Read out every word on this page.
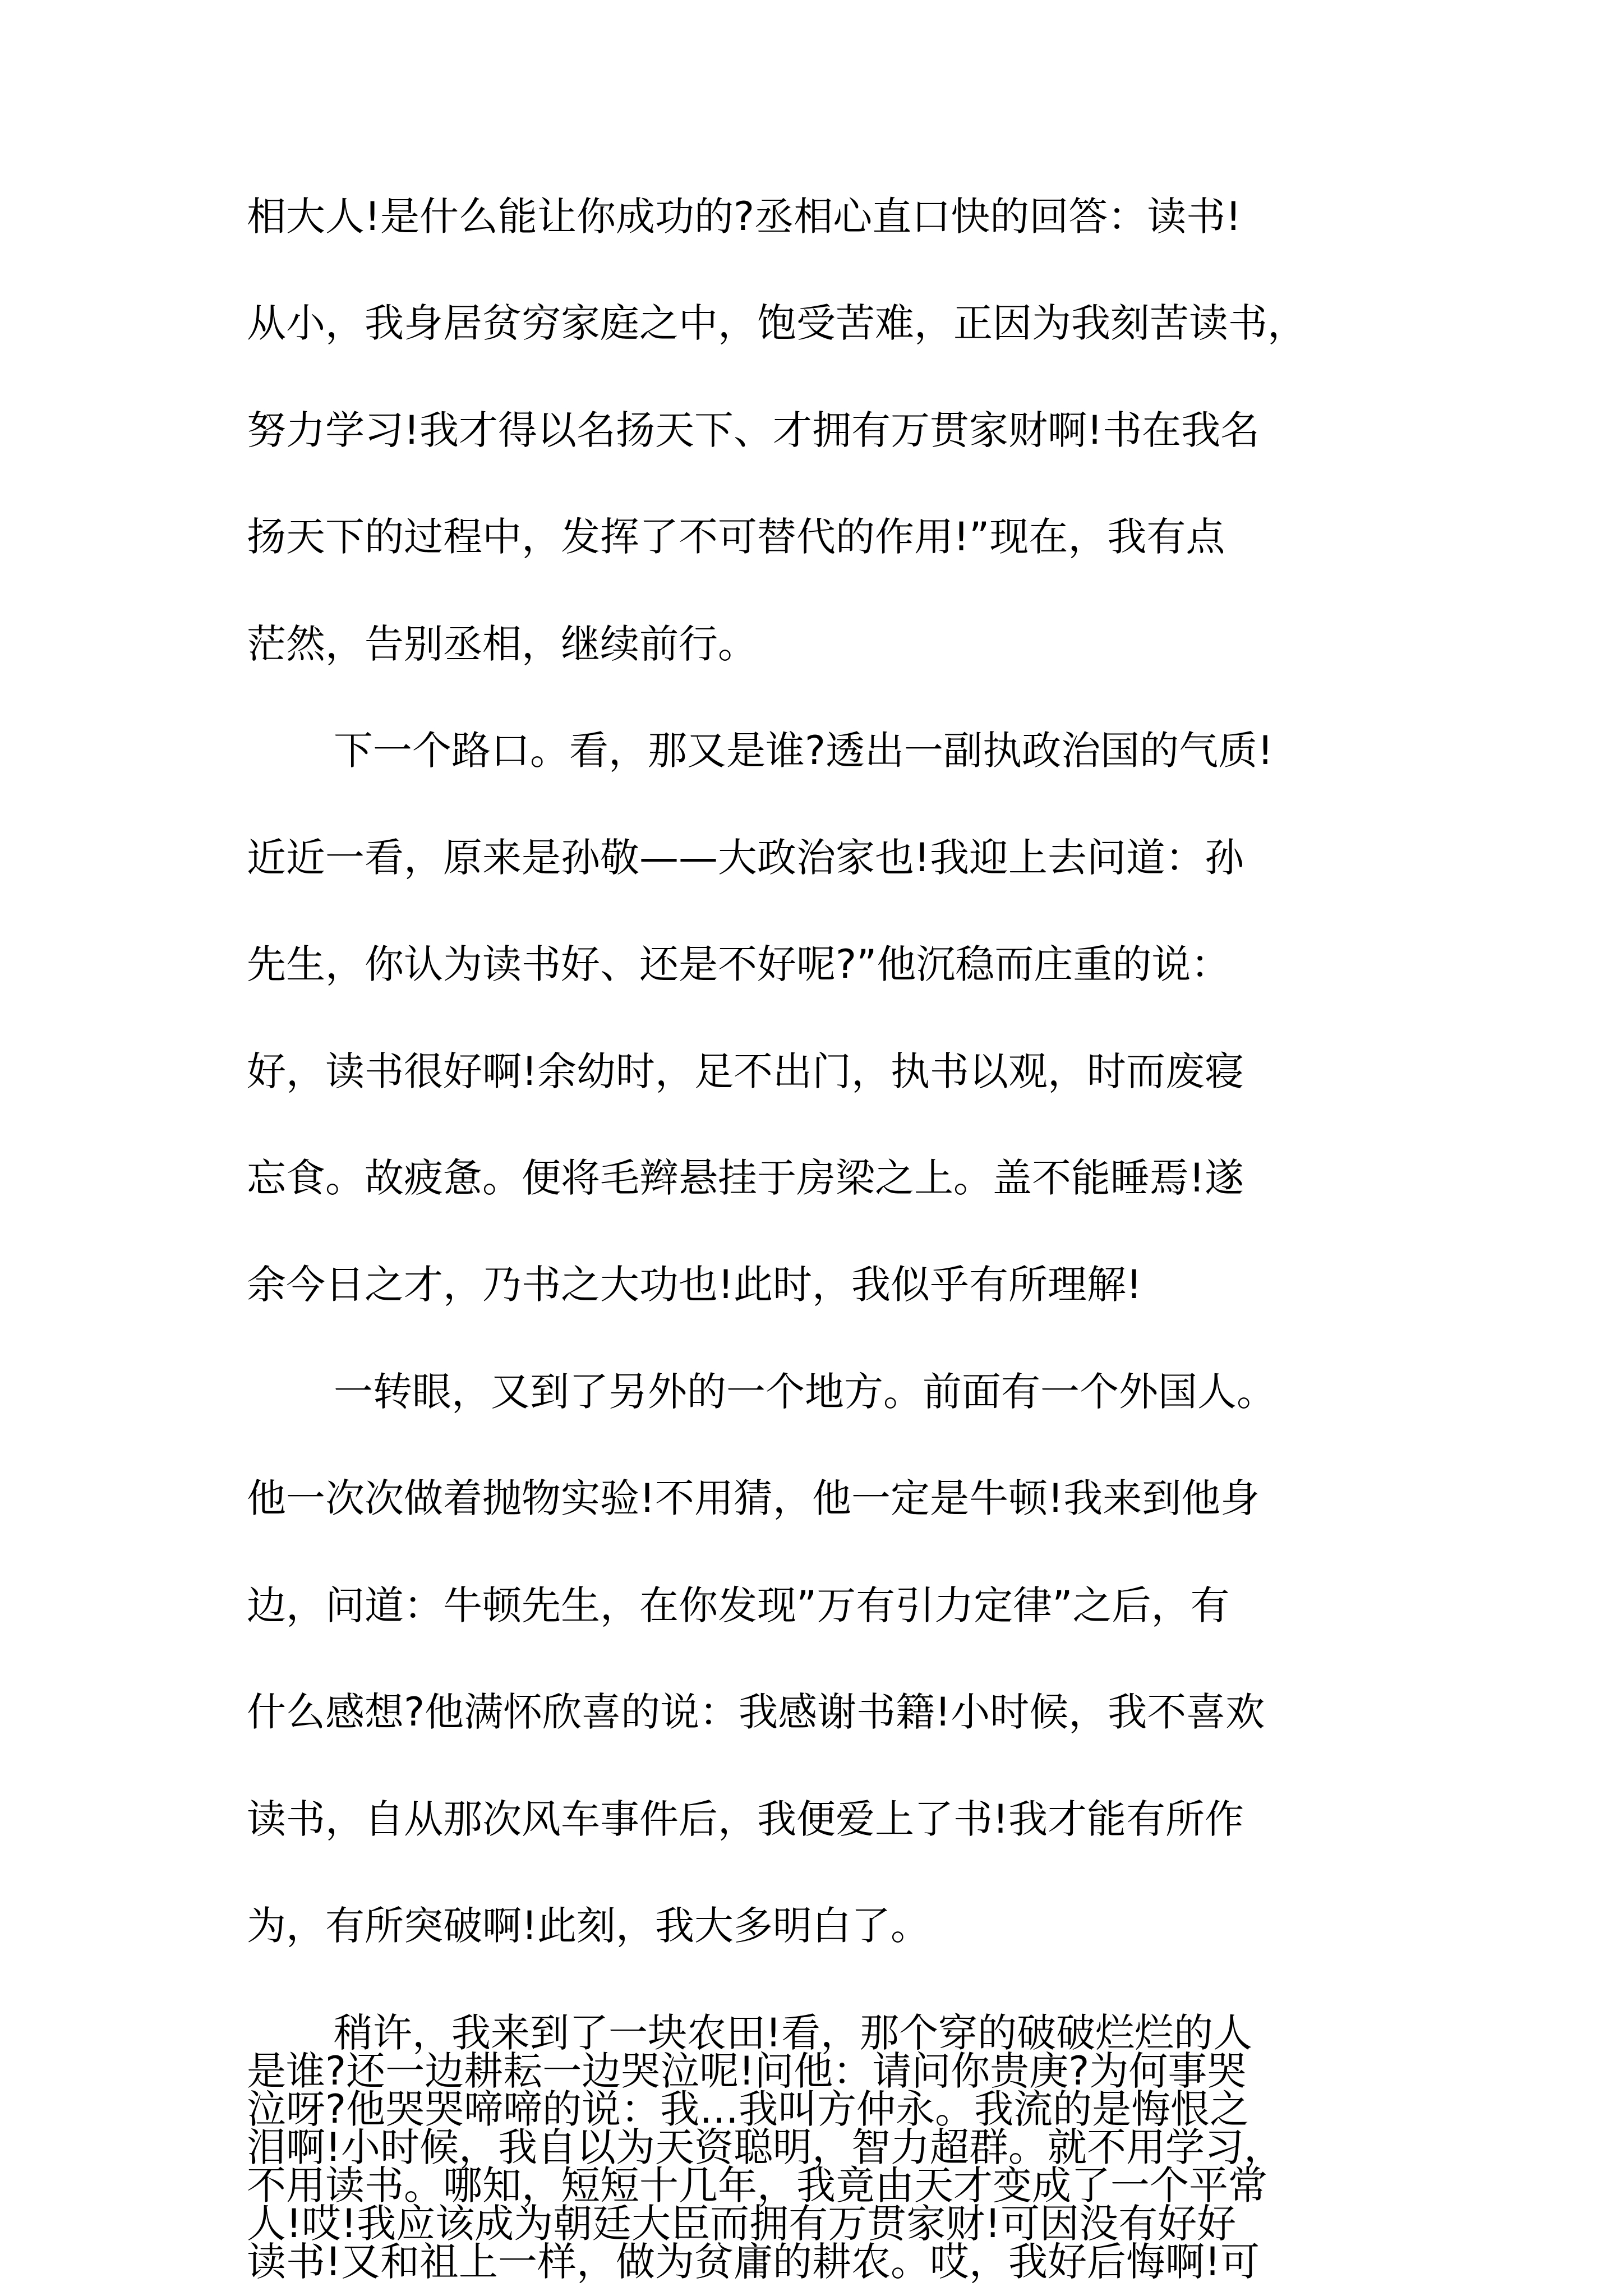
相大人!是什么能让你成功的?丞相心直口快的回答：读书!
从小，我身居贫穷家庭之中，饱受苦难，正因为我刻苦读书，
努力学习!我才得以名扬天下、才拥有万贯家财啊!书在我名
扬天下的过程中，发挥了不可替代的作用!”现在，我有点
茫然，告别丞相，继续前行。
下一个路口。看，那又是谁?透出一副执政治国的气质!
近近一看，原来是孙敬——大政治家也!我迎上去问道：孙
先生，你认为读书好、还是不好呢?”他沉稳而庄重的说：
好，读书很好啊!余幼时，足不出门，执书以观，时而废寝
忘食。故疲惫。便将毛辫悬挂于房梁之上。盖不能睡焉!遂
余今日之才，乃书之大功也!此时，我似乎有所理解!
一转眼，又到了另外的一个地方。前面有一个外国人。
他一次次做着抛物实验!不用猜，他一定是牛顿!我来到他身
边，问道：牛顿先生，在你发现”万有引力定律”之后，有
什么感想?他满怀欣喜的说：我感谢书籍!小时候，我不喜欢
读书，自从那次风车事件后，我便爱上了书!我才能有所作
为，有所突破啊!此刻，我大多明白了。
稍许，我来到了一块农田!看，那个穿的破破烂烂的人
是谁?还一边耕耘一边哭泣呢!问他：请问你贵庚?为何事哭
泣呀?他哭哭啼啼的说：我…我叫方仲永。我流的是悔恨之
泪啊!小时候，我自以为天资聪明，智力超群。就不用学习，
不用读书。哪知，短短十几年，我竟由天才变成了一个平常
人!哎!我应该成为朝廷大臣而拥有万贯家财!可因没有好好
读书!又和祖上一样，做为贫庸的耕农。哎，我好后悔啊!可
